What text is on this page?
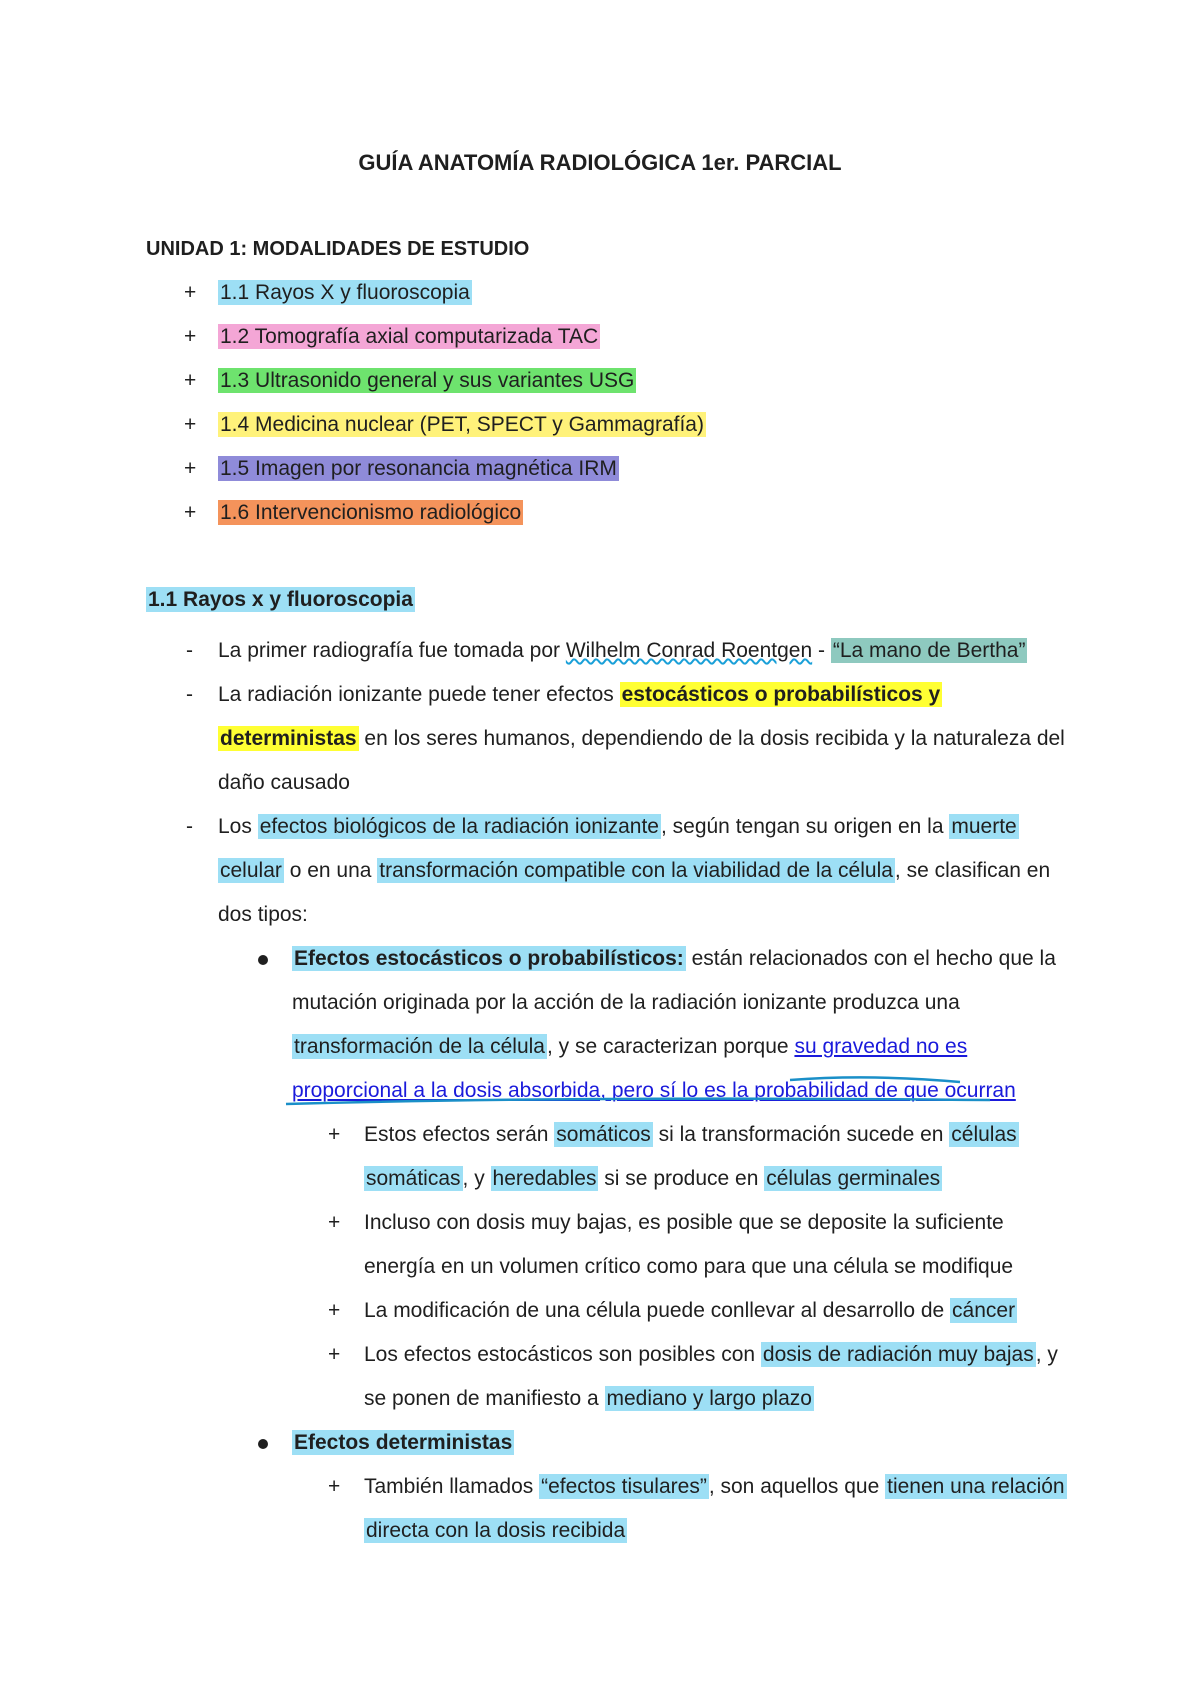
GUÍA ANATOMÍA RADIOLÓGICA 1er. PARCIAL
UNIDAD 1: MODALIDADES DE ESTUDIO
+ 1.1 Rayos X y fluoroscopia
+ 1.2 Tomografía axial computarizada TAC
+ 1.3 Ultrasonido general y sus variantes USG
+ 1.4 Medicina nuclear (PET, SPECT y Gammagrafía)
+ 1.5 Imagen por resonancia magnética IRM
+ 1.6 Intervencionismo radiológico
1.1 Rayos x y fluoroscopia
- La primer radiografía fue tomada por Wilhelm Conrad Roentgen - “La mano de Bertha”
- La radiación ionizante puede tener efectos estocásticos o probabilísticos y
deterministas en los seres humanos, dependiendo de la dosis recibida y la naturaleza del
daño causado
- Los efectos biológicos de la radiación ionizante, según tengan su origen en la muerte
celular o en una transformación compatible con la viabilidad de la célula, se clasifican en
dos tipos:
Efectos estocásticos o probabilísticos: están relacionados con el hecho que la
mutación originada por la acción de la radiación ionizante produzca una
transformación de la célula, y se caracterizan porque su gravedad no es
proporcional a la dosis absorbida, pero sí lo es la probabilidad de que ocurran
+ Estos efectos serán somáticos si la transformación sucede en células
somáticas, y heredables si se produce en células germinales
+ Incluso con dosis muy bajas, es posible que se deposite la suficiente
energía en un volumen crítico como para que una célula se modifique
+ La modificación de una célula puede conllevar al desarrollo de cáncer
+ Los efectos estocásticos son posibles con dosis de radiación muy bajas, y
se ponen de manifiesto a mediano y largo plazo
Efectos deterministas
+ También llamados “efectos tisulares”, son aquellos que tienen una relación
directa con la dosis recibida
